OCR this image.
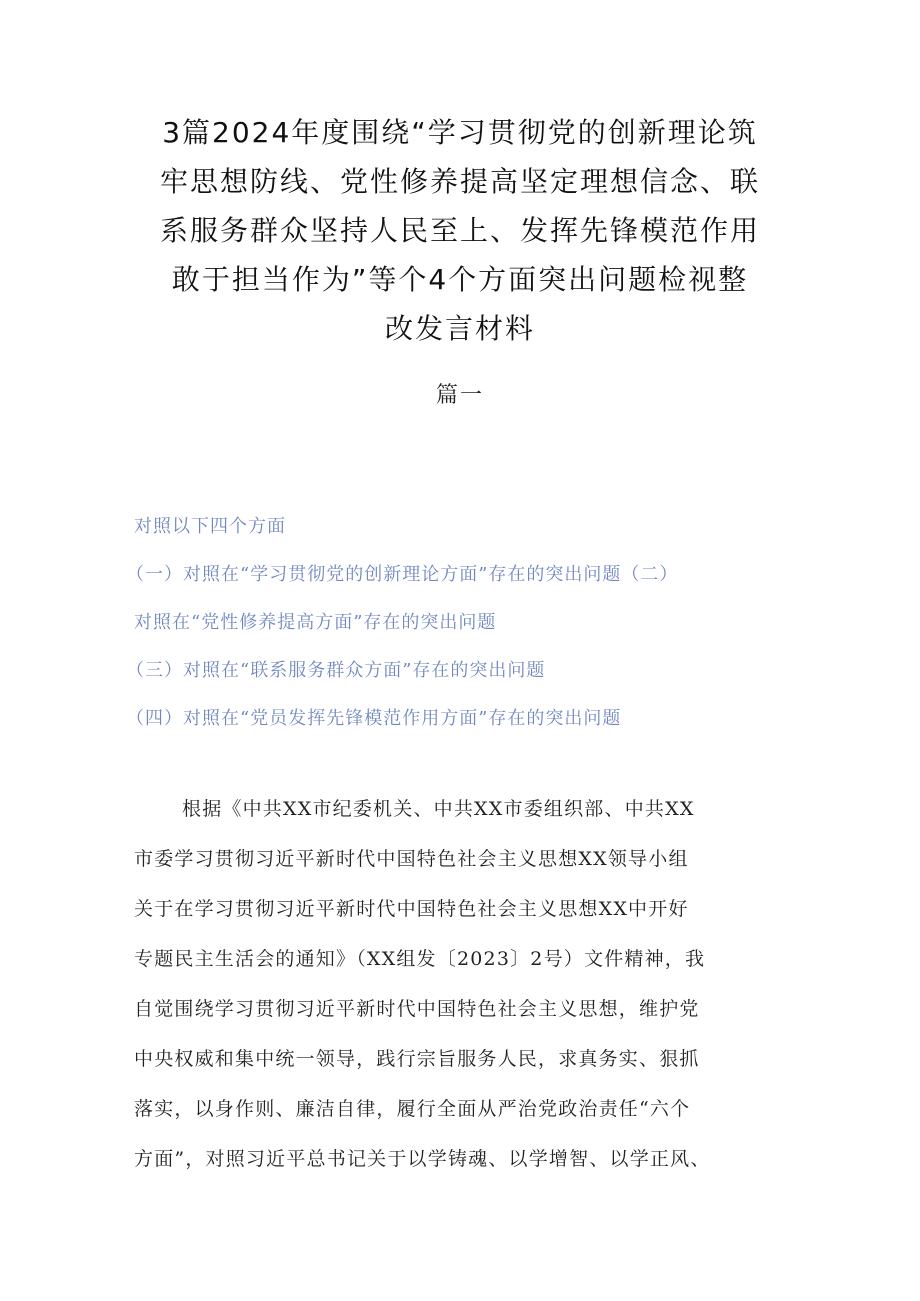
3篇2024年度围绕“学习贯彻党的创新理论筑
牢思想防线、党性修养提高坚定理想信念、联
系服务群众坚持人民至上、发挥先锋模范作用
敢于担当作为”等个4个方面突出问题检视整
改发言材料
篇一
对照以下四个方面
（一）对照在“学习贯彻党的创新理论方面”存在的突出问题（二）
对照在“党性修养提高方面”存在的突出问题
（三）对照在“联系服务群众方面”存在的突出问题
（四）对照在“党员发挥先锋模范作用方面”存在的突出问题
根据《中共XX市纪委机关、中共XX市委组织部、中共XX
市委学习贯彻习近平新时代中国特色社会主义思想XX领导小组
关于在学习贯彻习近平新时代中国特色社会主义思想XX中开好
专题民主生活会的通知》（XX组发〔2023〕2号）文件精神，我
自觉围绕学习贯彻习近平新时代中国特色社会主义思想，维护党
中央权威和集中统一领导，践行宗旨服务人民，求真务实、狠抓
落实，以身作则、廉洁自律，履行全面从严治党政治责任“六个
方面”，对照习近平总书记关于以学铸魂、以学增智、以学正风、
